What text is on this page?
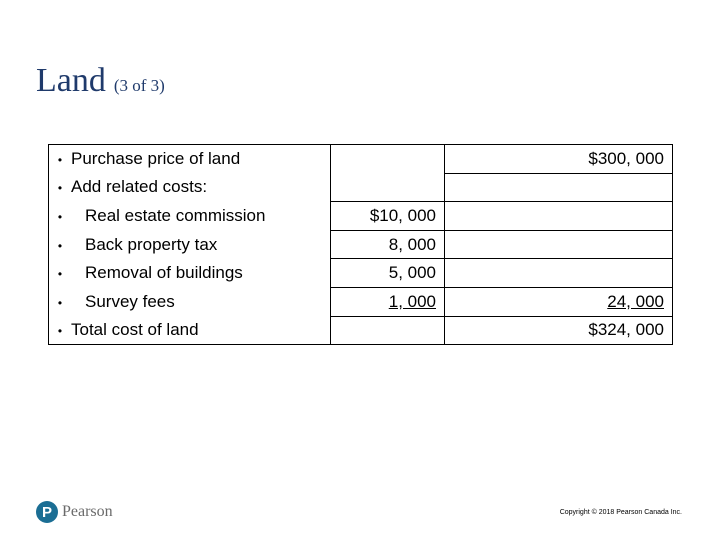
Land (3 of 3)
• Purchase price of land		$300, 000
• Add related costs:		
• Real estate commission	$10, 000	
• Back property tax	8, 000	
• Removal of buildings	5, 000	
• Survey fees	1, 000	24, 000
• Total cost of land		$324, 000
P Pearson	Copyright © 2018 Pearson Canada Inc.
